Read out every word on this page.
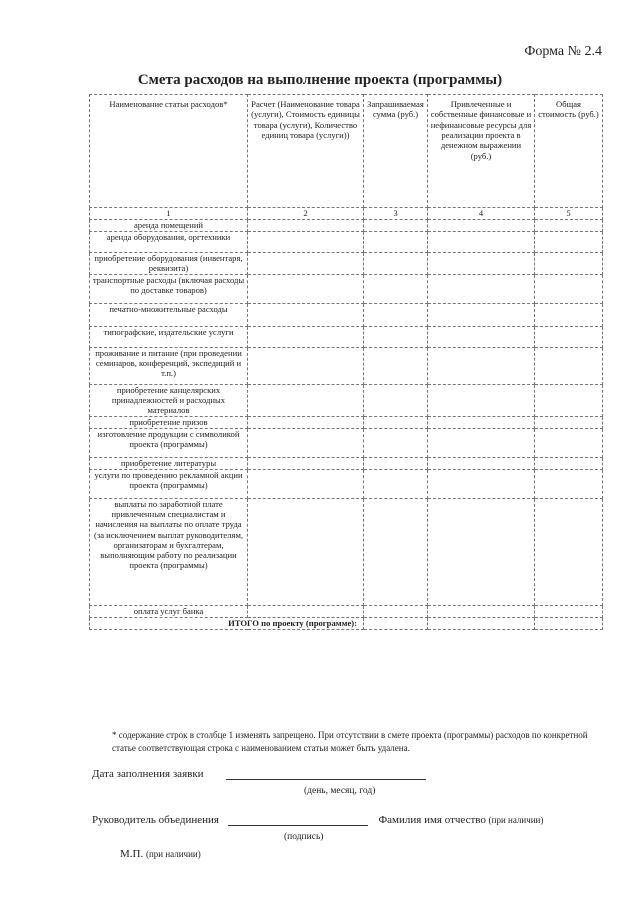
Форма № 2.4
Смета расходов на выполнение проекта (программы)
Наименование статьи расходов*	Расчет (Наименование товара (услуги), Стоимость единицы товара (услуги), Количество единиц товара (услуги))	Запрашиваемая сумма (руб.)	Привлеченные и собственные финансовые и нефинансовые ресурсы для реализации проекта в денежном выражении (руб.)	Общая стоимость (руб.)
1	2	3	4	5
аренда помещений				
аренда оборудования, оргтехники				
приобретение оборудования (инвентаря, реквизита)				
транспортные расходы (включая расходы по доставке товаров)				
печатно-множительные расходы				
типографские, издательские услуги				
проживание и питание (при проведении семинаров, конференций, экспедиций и т.п.)				
приобретение канцелярских принадлежностей и расходных материалов				
приобретение призов				
изготовление продукции с символикой проекта (программы)				
приобретение литературы				
услуги по проведению рекламной акции проекта (программы)				
выплаты по заработной плате привлеченным специалистам и начисления на выплаты по оплате труда (за исключением выплат руководителям, организаторам и бухгалтерам, выполняющим работу по реализации проекта (программы)				
оплата услуг банка				
ИТОГО по проекту (программе):				
* содержание строк в столбце 1 изменять запрещено. При отсутствии в смете проекта (программы) расходов по конкретной статье соответствующая строка с наименованием статьи может быть удалена.
Дата заполнения заявки
(день, месяц, год)
Руководитель объединения	Фамилия имя отчество (при наличии)
(подпись)
М.П. (при наличии)
